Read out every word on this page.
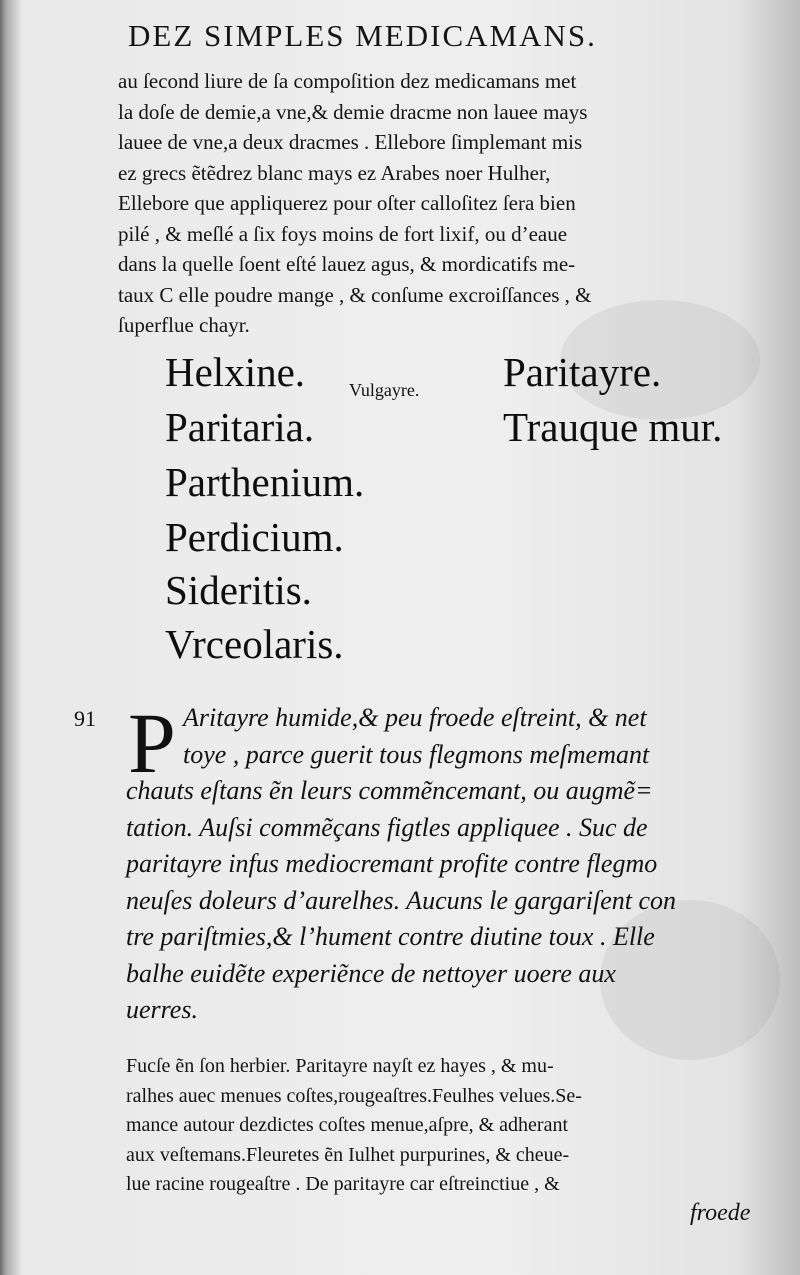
DEZ SIMPLES MEDICAMANS.
au ſecond liure de ſa compoſition dez medicamans met
la doſe de demie,a vne,& demie dracme non lauee mays
lauee de vne,a deux dracmes . Ellebore ſimplemant mis
ez grecs ẽtẽdrez blanc mays ez Arabes noer Hulher,
Ellebore que appliquerez pour oſter calloſitez ſera bien
pilé , & meſlé a ſix foys moins de fort lixif, ou d’eaue
dans la quelle ſoent eſté lauez agus, & mordicatifs me-
taux C elle poudre mange , & conſume excroiſſances , &
ſuperflue chayr.
Helxine.
Paritaria.
Parthenium.
Perdicium.
Sideritis.
Vrceolaris.
Vulgayre. Paritayre.
Trauque mur.
91 P Aritayre humide,& peu froede eſtreint, & net
toye , parce guerit tous flegmons meſmemant
chauts eſtans ẽn leurs commẽncemant, ou augmẽ=
tation. Auſsi commẽçans figtles appliquee . Suc de
paritayre infus mediocremant profite contre flegmo
neuſes doleurs d’aurelhes. Aucuns le gargariſent con
tre pariſtmies,& l’hument contre diutine toux . Elle
balhe euidẽte experiẽnce de nettoyer uoere aux
uerres.
Fucſe ẽn ſon herbier. Paritayre nayſt ez hayes , & mu-
ralhes auec menues coſtes,rougeaſtres.Feulhes velues.Se-
mance autour dezdictes coſtes menue,aſpre, & adherant
aux veſtemans.Fleuretes ẽn Iulhet purpurines, & cheue-
lue racine rougeaſtre . De paritayre car eſtreinctiue , &
froede
